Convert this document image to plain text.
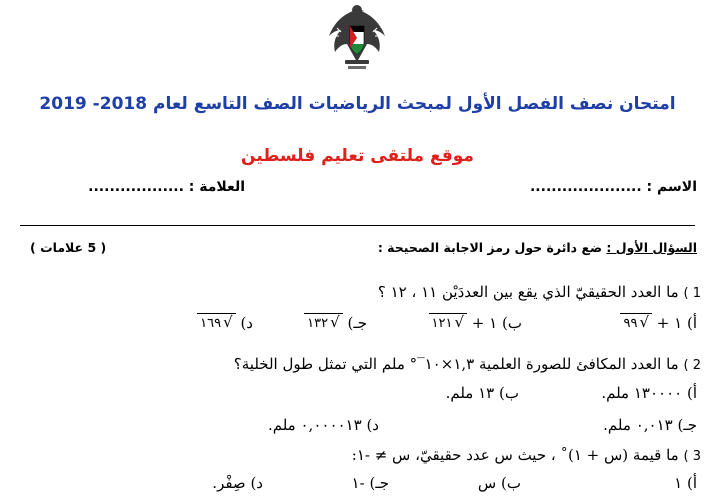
امتحان نصف الفصل الأول لمبحث الرياضيات الصف التاسع لعام 2018- 2019
موقع ملتقى تعليم فلسطين
الاسم : .....................
العلامة : ..................
السؤال الأول : ضع دائرة حول رمز الاجابة الصحيحة :
( 5 علامات )
1 ) ما العدد الحقيقيّ الذي يقع بين العددَيْن ١١ ، ١٢ ؟
أ) ١ + √ ٩٩
ب) ١ + √ ١٢١
جـ) √ ١٣٢
د) √ ١٦٩
2 ) ما العدد المكافئ للصورة العلمية ١,٣×١٠‾° ملم التي تمثل طول الخلية؟
أ) ١٣٠٠٠٠ ملم.
ب) ١٣ ملم.
جـ) ٠,٠١٣ ملم.
د) ٠,٠٠٠٠١٣ ملم.
3 ) ما قيمة (س + ١)˚ ، حيث س عدد حقيقيّ، س ≠ -١:
أ) ١
ب) س
جـ) -١
د) صِفْر.
